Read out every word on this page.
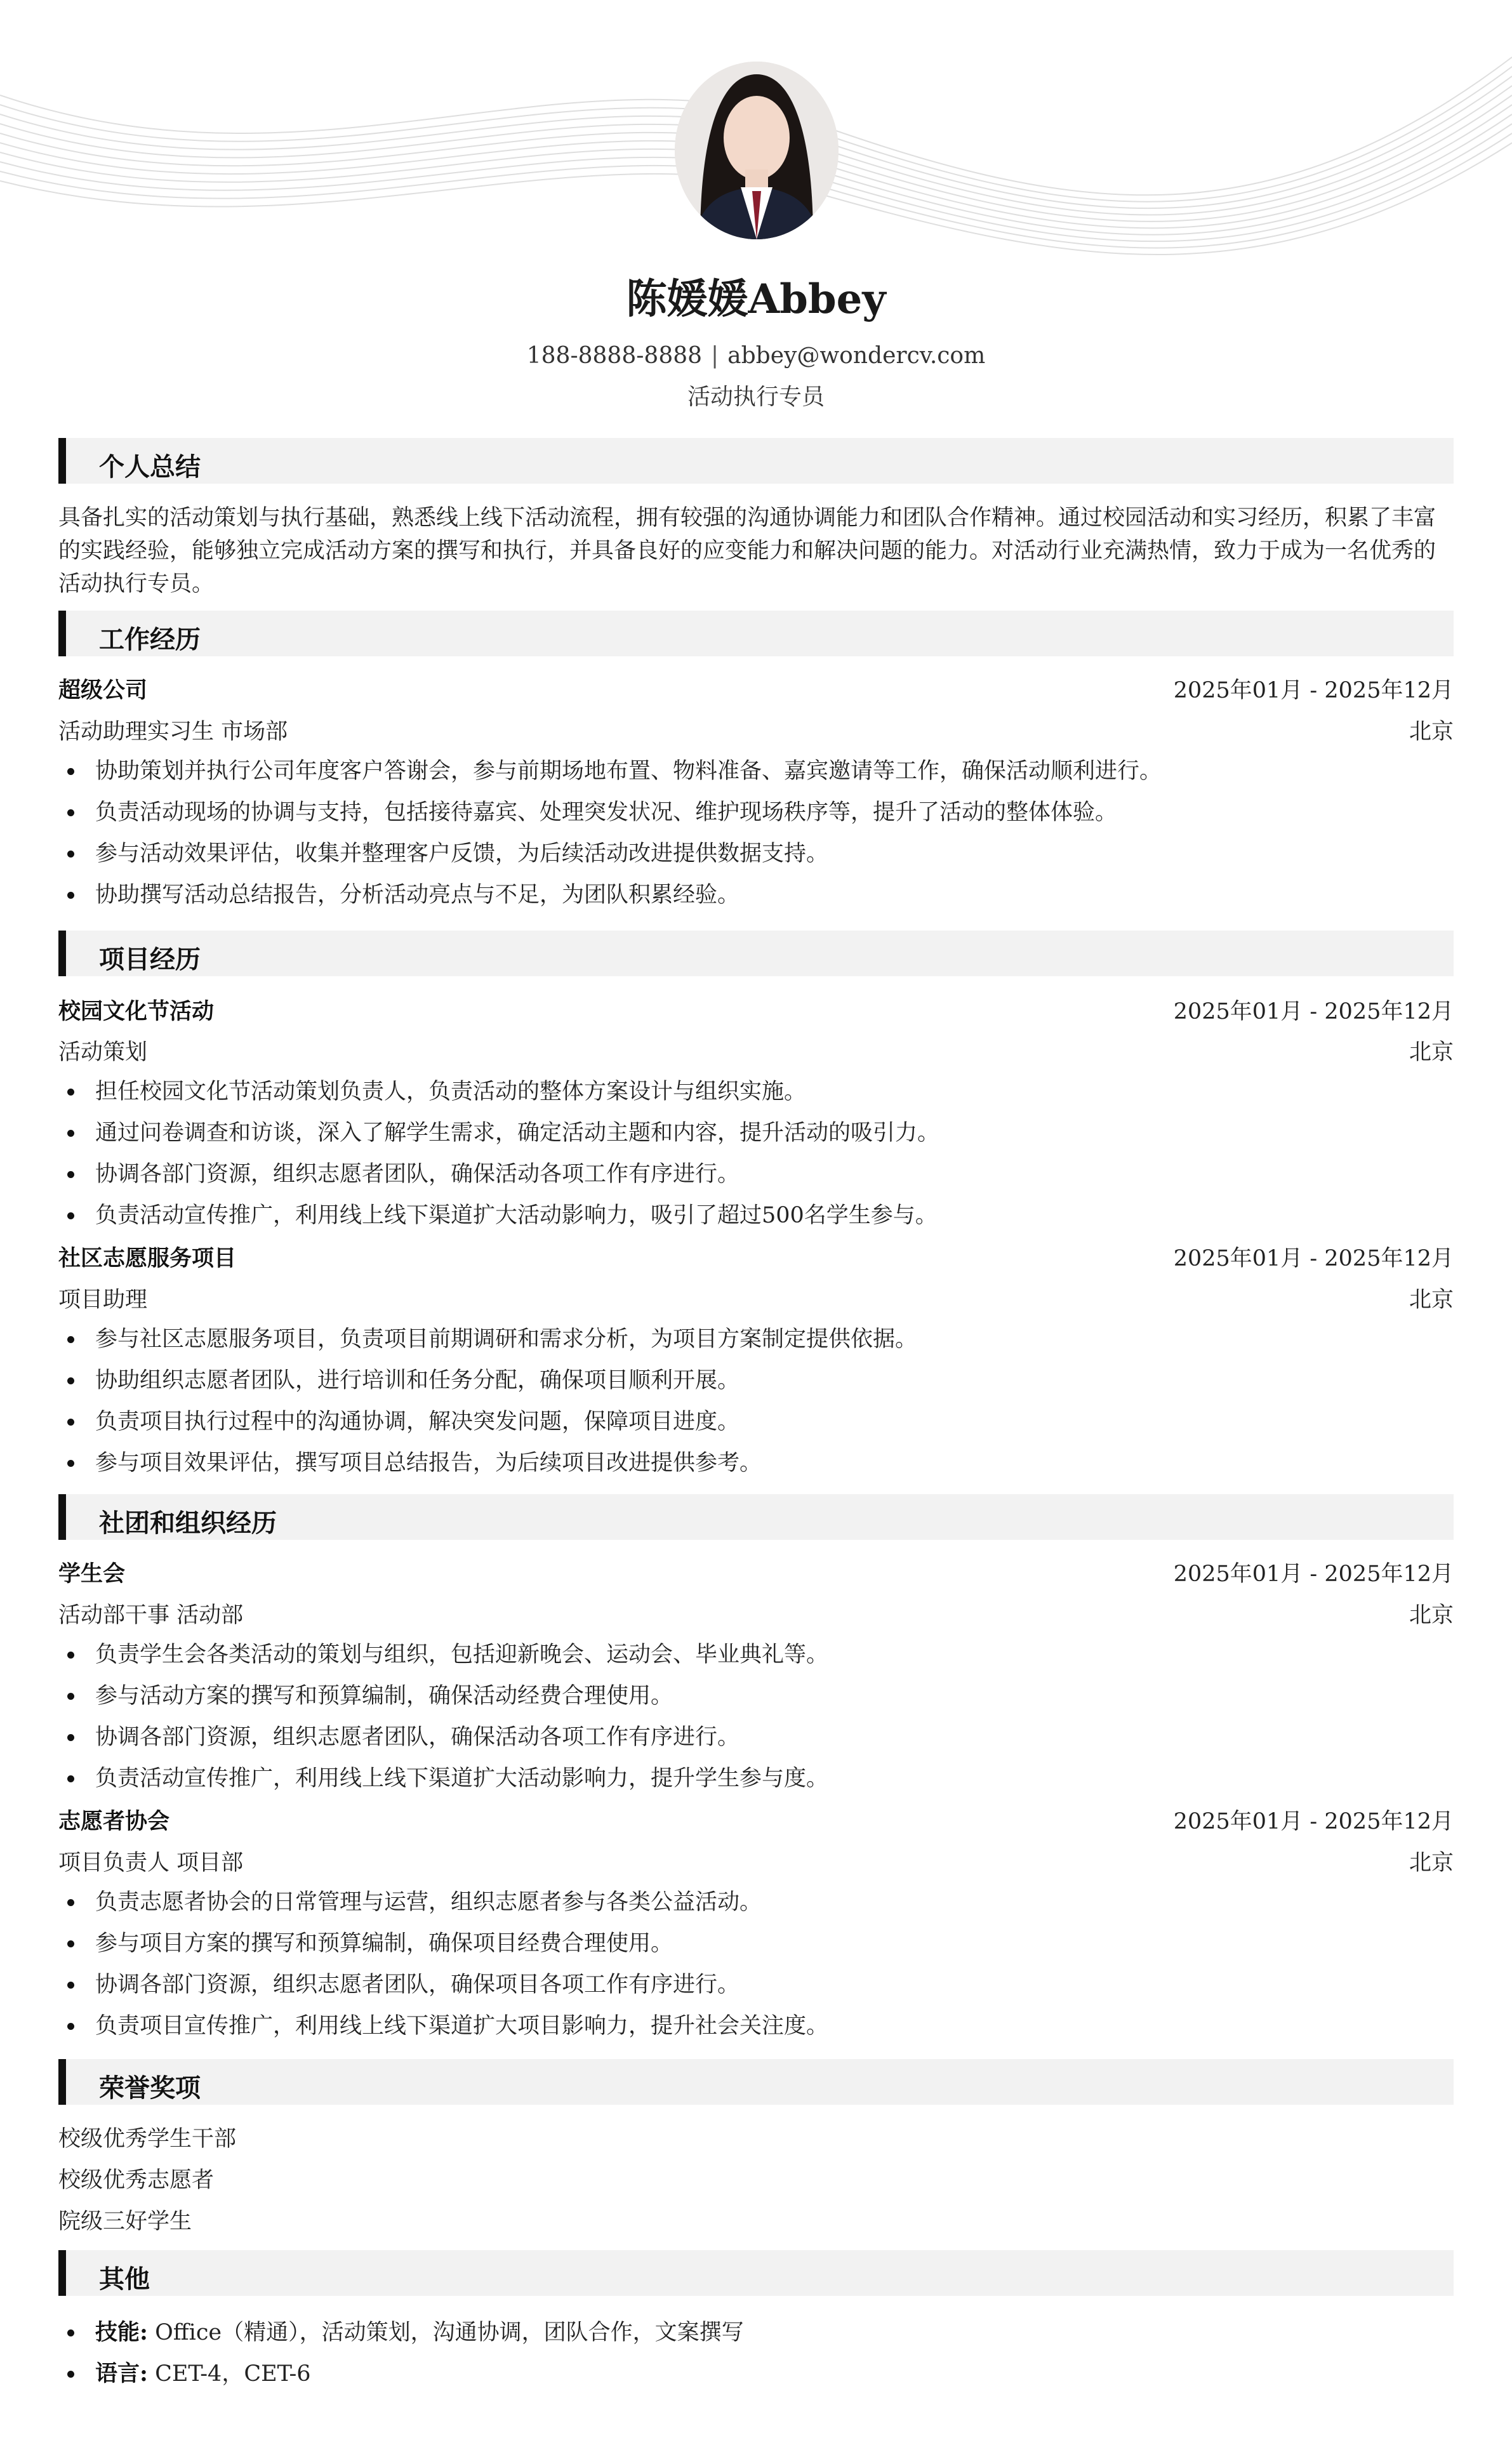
陈媛媛Abbey
188-8888-8888 | abbey@wondercv.com
活动执行专员
个人总结
具备扎实的活动策划与执行基础，熟悉线上线下活动流程，拥有较强的沟通协调能力和团队合作精神。通过校园活动和实习经历，积累了丰富的实践经验，能够独立完成活动方案的撰写和执行，并具备良好的应变能力和解决问题的能力。对活动行业充满热情，致力于成为一名优秀的活动执行专员。
工作经历
超级公司	2025年01月 - 2025年12月
活动助理实习生 市场部	北京
协助策划并执行公司年度客户答谢会，参与前期场地布置、物料准备、嘉宾邀请等工作，确保活动顺利进行。
负责活动现场的协调与支持，包括接待嘉宾、处理突发状况、维护现场秩序等，提升了活动的整体体验。
参与活动效果评估，收集并整理客户反馈，为后续活动改进提供数据支持。
协助撰写活动总结报告，分析活动亮点与不足，为团队积累经验。
项目经历
校园文化节活动	2025年01月 - 2025年12月
活动策划	北京
担任校园文化节活动策划负责人，负责活动的整体方案设计与组织实施。
通过问卷调查和访谈，深入了解学生需求，确定活动主题和内容，提升活动的吸引力。
协调各部门资源，组织志愿者团队，确保活动各项工作有序进行。
负责活动宣传推广，利用线上线下渠道扩大活动影响力，吸引了超过500名学生参与。
社区志愿服务项目	2025年01月 - 2025年12月
项目助理	北京
参与社区志愿服务项目，负责项目前期调研和需求分析，为项目方案制定提供依据。
协助组织志愿者团队，进行培训和任务分配，确保项目顺利开展。
负责项目执行过程中的沟通协调，解决突发问题，保障项目进度。
参与项目效果评估，撰写项目总结报告，为后续项目改进提供参考。
社团和组织经历
学生会	2025年01月 - 2025年12月
活动部干事 活动部	北京
负责学生会各类活动的策划与组织，包括迎新晚会、运动会、毕业典礼等。
参与活动方案的撰写和预算编制，确保活动经费合理使用。
协调各部门资源，组织志愿者团队，确保活动各项工作有序进行。
负责活动宣传推广，利用线上线下渠道扩大活动影响力，提升学生参与度。
志愿者协会	2025年01月 - 2025年12月
项目负责人 项目部	北京
负责志愿者协会的日常管理与运营，组织志愿者参与各类公益活动。
参与项目方案的撰写和预算编制，确保项目经费合理使用。
协调各部门资源，组织志愿者团队，确保项目各项工作有序进行。
负责项目宣传推广，利用线上线下渠道扩大项目影响力，提升社会关注度。
荣誉奖项
校级优秀学生干部
校级优秀志愿者
院级三好学生
其他
技能: Office（精通），活动策划，沟通协调，团队合作，文案撰写
语言: CET-4，CET-6
